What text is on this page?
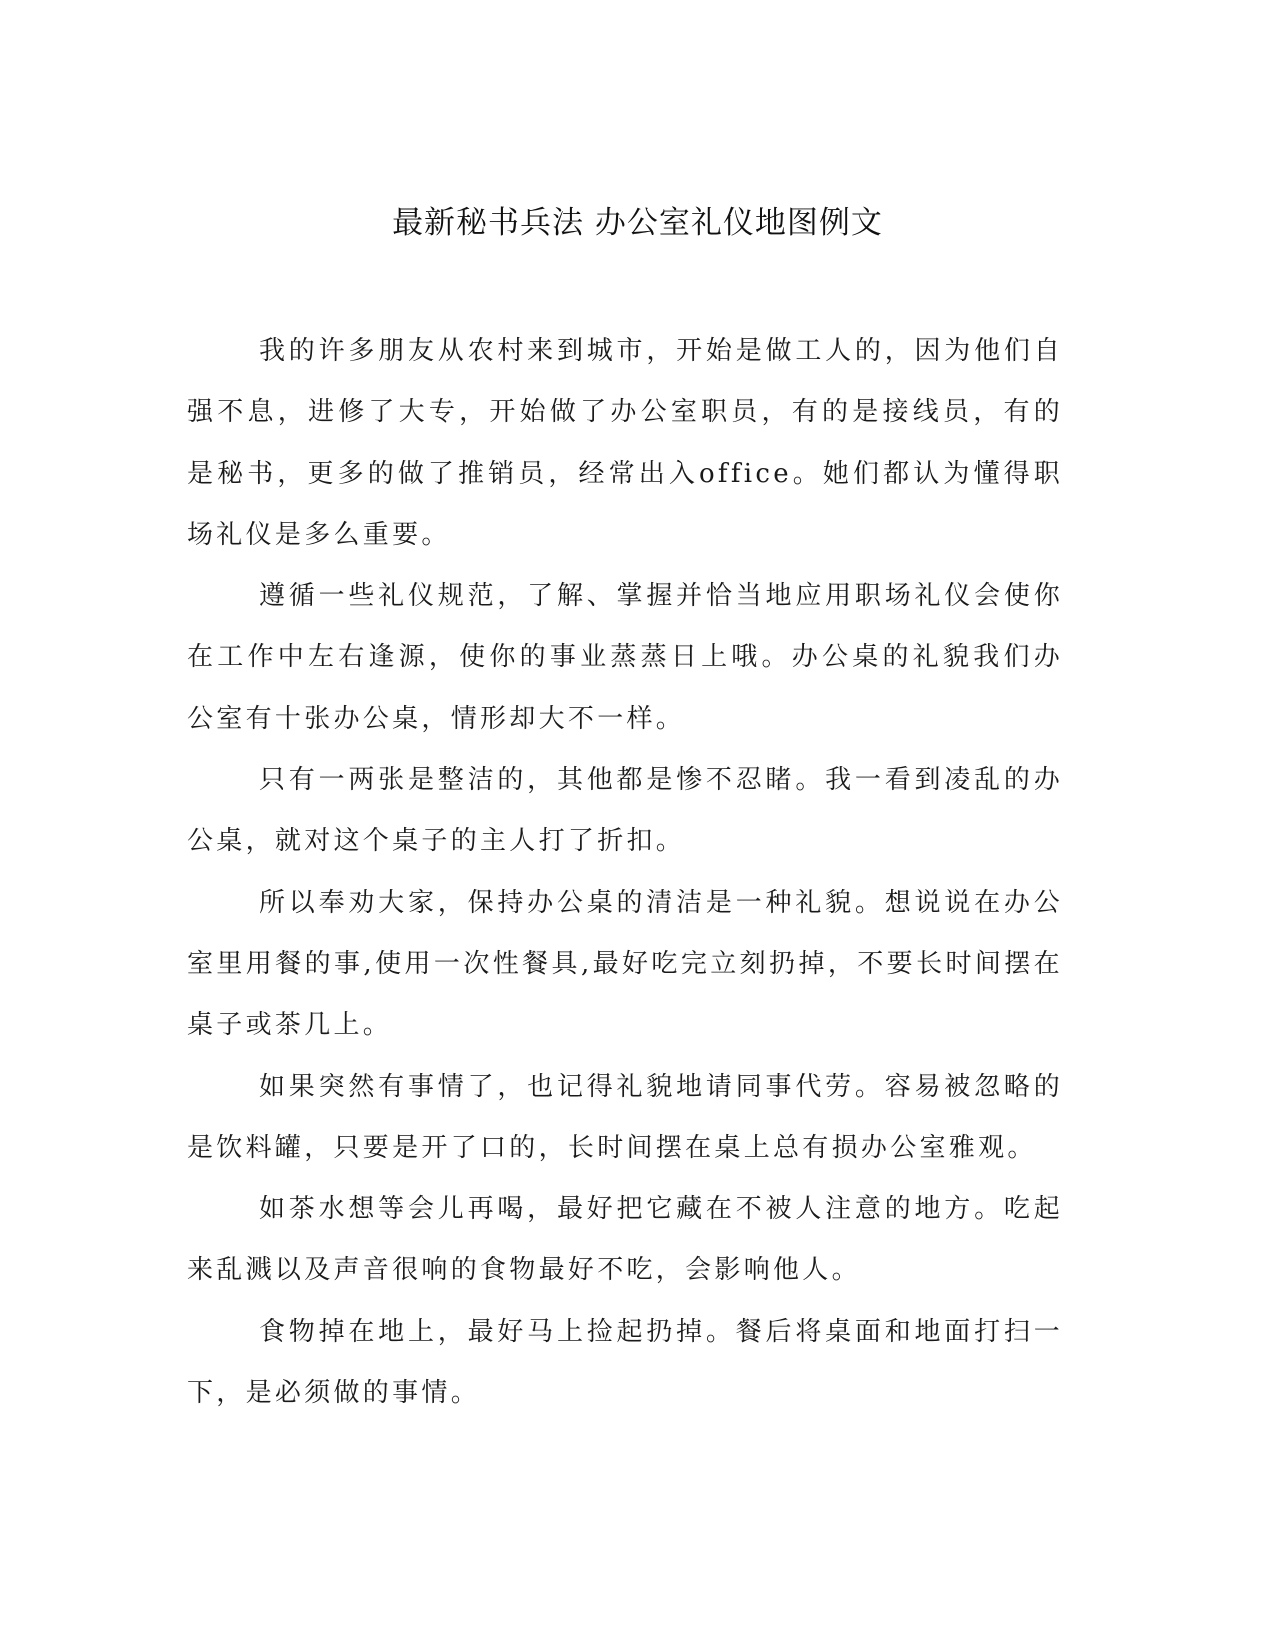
最新秘书兵法 办公室礼仪地图例文

我的许多朋友从农村来到城市，开始是做工人的，因为他们自强不息，进修了大专，开始做了办公室职员，有的是接线员，有的是秘书，更多的做了推销员，经常出入office。她们都认为懂得职场礼仪是多么重要。

遵循一些礼仪规范，了解、掌握并恰当地应用职场礼仪会使你在工作中左右逢源，使你的事业蒸蒸日上哦。办公桌的礼貌我们办公室有十张办公桌，情形却大不一样。

只有一两张是整洁的，其他都是惨不忍睹。我一看到凌乱的办公桌，就对这个桌子的主人打了折扣。

所以奉劝大家，保持办公桌的清洁是一种礼貌。想说说在办公室里用餐的事,使用一次性餐具,最好吃完立刻扔掉，不要长时间摆在桌子或茶几上。

如果突然有事情了，也记得礼貌地请同事代劳。容易被忽略的是饮料罐，只要是开了口的，长时间摆在桌上总有损办公室雅观。

如茶水想等会儿再喝，最好把它藏在不被人注意的地方。吃起来乱溅以及声音很响的食物最好不吃，会影响他人。

食物掉在地上，最好马上捡起扔掉。餐后将桌面和地面打扫一下，是必须做的事情。
